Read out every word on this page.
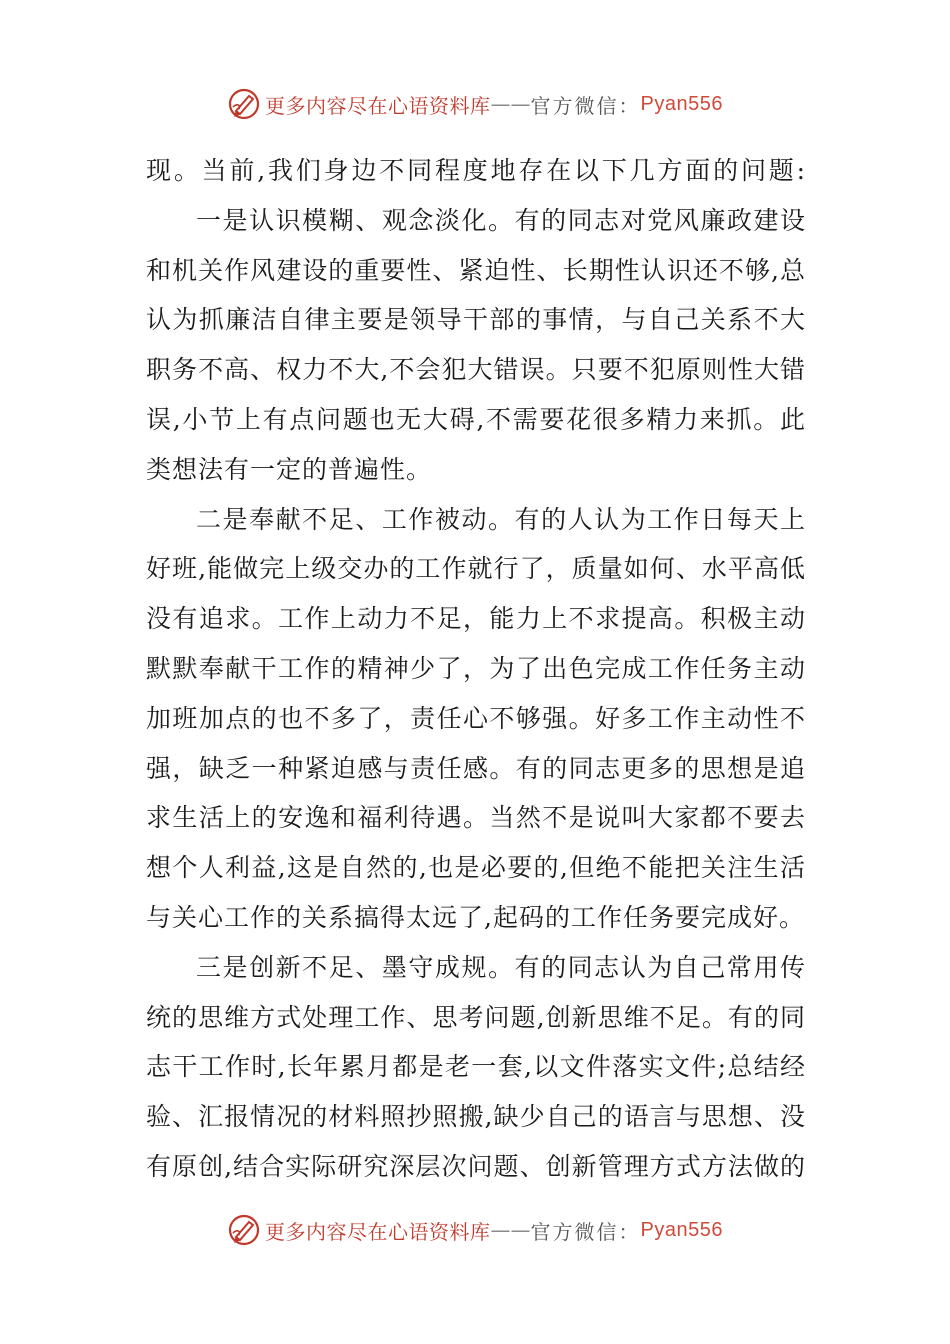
更多内容尽在心语资料库 —— 官方微信： Pyan556
现。当前,我们身边不同程度地存在以下几方面的问题:
一是认识模糊、观念淡化。有的同志对党风廉政建设
和机关作风建设的重要性、紧迫性、长期性认识还不够,总
认为抓廉洁自律主要是领导干部的事情，与自己关系不大
职务不高、权力不大,不会犯大错误。只要不犯原则性大错
误,小节上有点问题也无大碍,不需要花很多精力来抓。此
类想法有一定的普遍性。
二是奉献不足、工作被动。有的人认为工作日每天上
好班,能做完上级交办的工作就行了，质量如何、水平高低
没有追求。工作上动力不足，能力上不求提高。积极主动
默默奉献干工作的精神少了，为了出色完成工作任务主动
加班加点的也不多了，责任心不够强。好多工作主动性不
强，缺乏一种紧迫感与责任感。有的同志更多的思想是追
求生活上的安逸和福利待遇。当然不是说叫大家都不要去
想个人利益,这是自然的,也是必要的,但绝不能把关注生活
与关心工作的关系搞得太远了,起码的工作任务要完成好。
三是创新不足、墨守成规。有的同志认为自己常用传
统的思维方式处理工作、思考问题,创新思维不足。有的同
志干工作时,长年累月都是老一套,以文件落实文件;总结经
验、汇报情况的材料照抄照搬,缺少自己的语言与思想、没
有原创,结合实际研究深层次问题、创新管理方式方法做的
更多内容尽在心语资料库 —— 官方微信： Pyan556
